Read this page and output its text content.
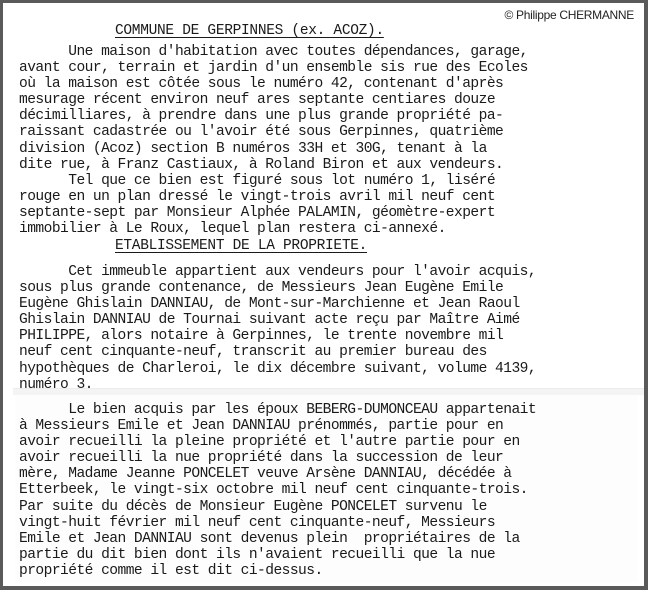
© Philippe CHERMANNE
COMMUNE DE GERPINNES (ex. ACOZ).
Une maison d'habitation avec toutes dépendances, garage,
avant cour, terrain et jardin d'un ensemble sis rue des Ecoles
où la maison est côtée sous le numéro 42, contenant d'après
mesurage récent environ neuf ares septante centiares douze
décimilliares, à prendre dans une plus grande propriété pa-
raissant cadastrée ou l'avoir été sous Gerpinnes, quatrième
division (Acoz) section B numéros 33H et 30G, tenant à la
dite rue, à Franz Castiaux, à Roland Biron et aux vendeurs.
Tel que ce bien est figuré sous lot numéro 1, liséré
rouge en un plan dressé le vingt-trois avril mil neuf cent
septante-sept par Monsieur Alphée PALAMIN, géomètre-expert
immobilier à Le Roux, lequel plan restera ci-annexé.
ETABLISSEMENT DE LA PROPRIETE.
Cet immeuble appartient aux vendeurs pour l'avoir acquis,
sous plus grande contenance, de Messieurs Jean Eugène Emile
Eugène Ghislain DANNIAU, de Mont-sur-Marchienne et Jean Raoul
Ghislain DANNIAU de Tournai suivant acte reçu par Maître Aimé
PHILIPPE, alors notaire à Gerpinnes, le trente novembre mil
neuf cent cinquante-neuf, transcrit au premier bureau des
hypothèques de Charleroi, le dix décembre suivant, volume 4139,
numéro 3.
Le bien acquis par les époux BEBERG-DUMONCEAU appartenait
à Messieurs Emile et Jean DANNIAU prénommés, partie pour en
avoir recueilli la pleine propriété et l'autre partie pour en
avoir recueilli la nue propriété dans la succession de leur
mère, Madame Jeanne PONCELET veuve Arsène DANNIAU, décédée à
Etterbeek, le vingt-six octobre mil neuf cent cinquante-trois.
Par suite du décès de Monsieur Eugène PONCELET survenu le
vingt-huit février mil neuf cent cinquante-neuf, Messieurs
Emile et Jean DANNIAU sont devenus plein  propriétaires de la
partie du dit bien dont ils n'avaient recueilli que la nue
propriété comme il est dit ci-dessus.
